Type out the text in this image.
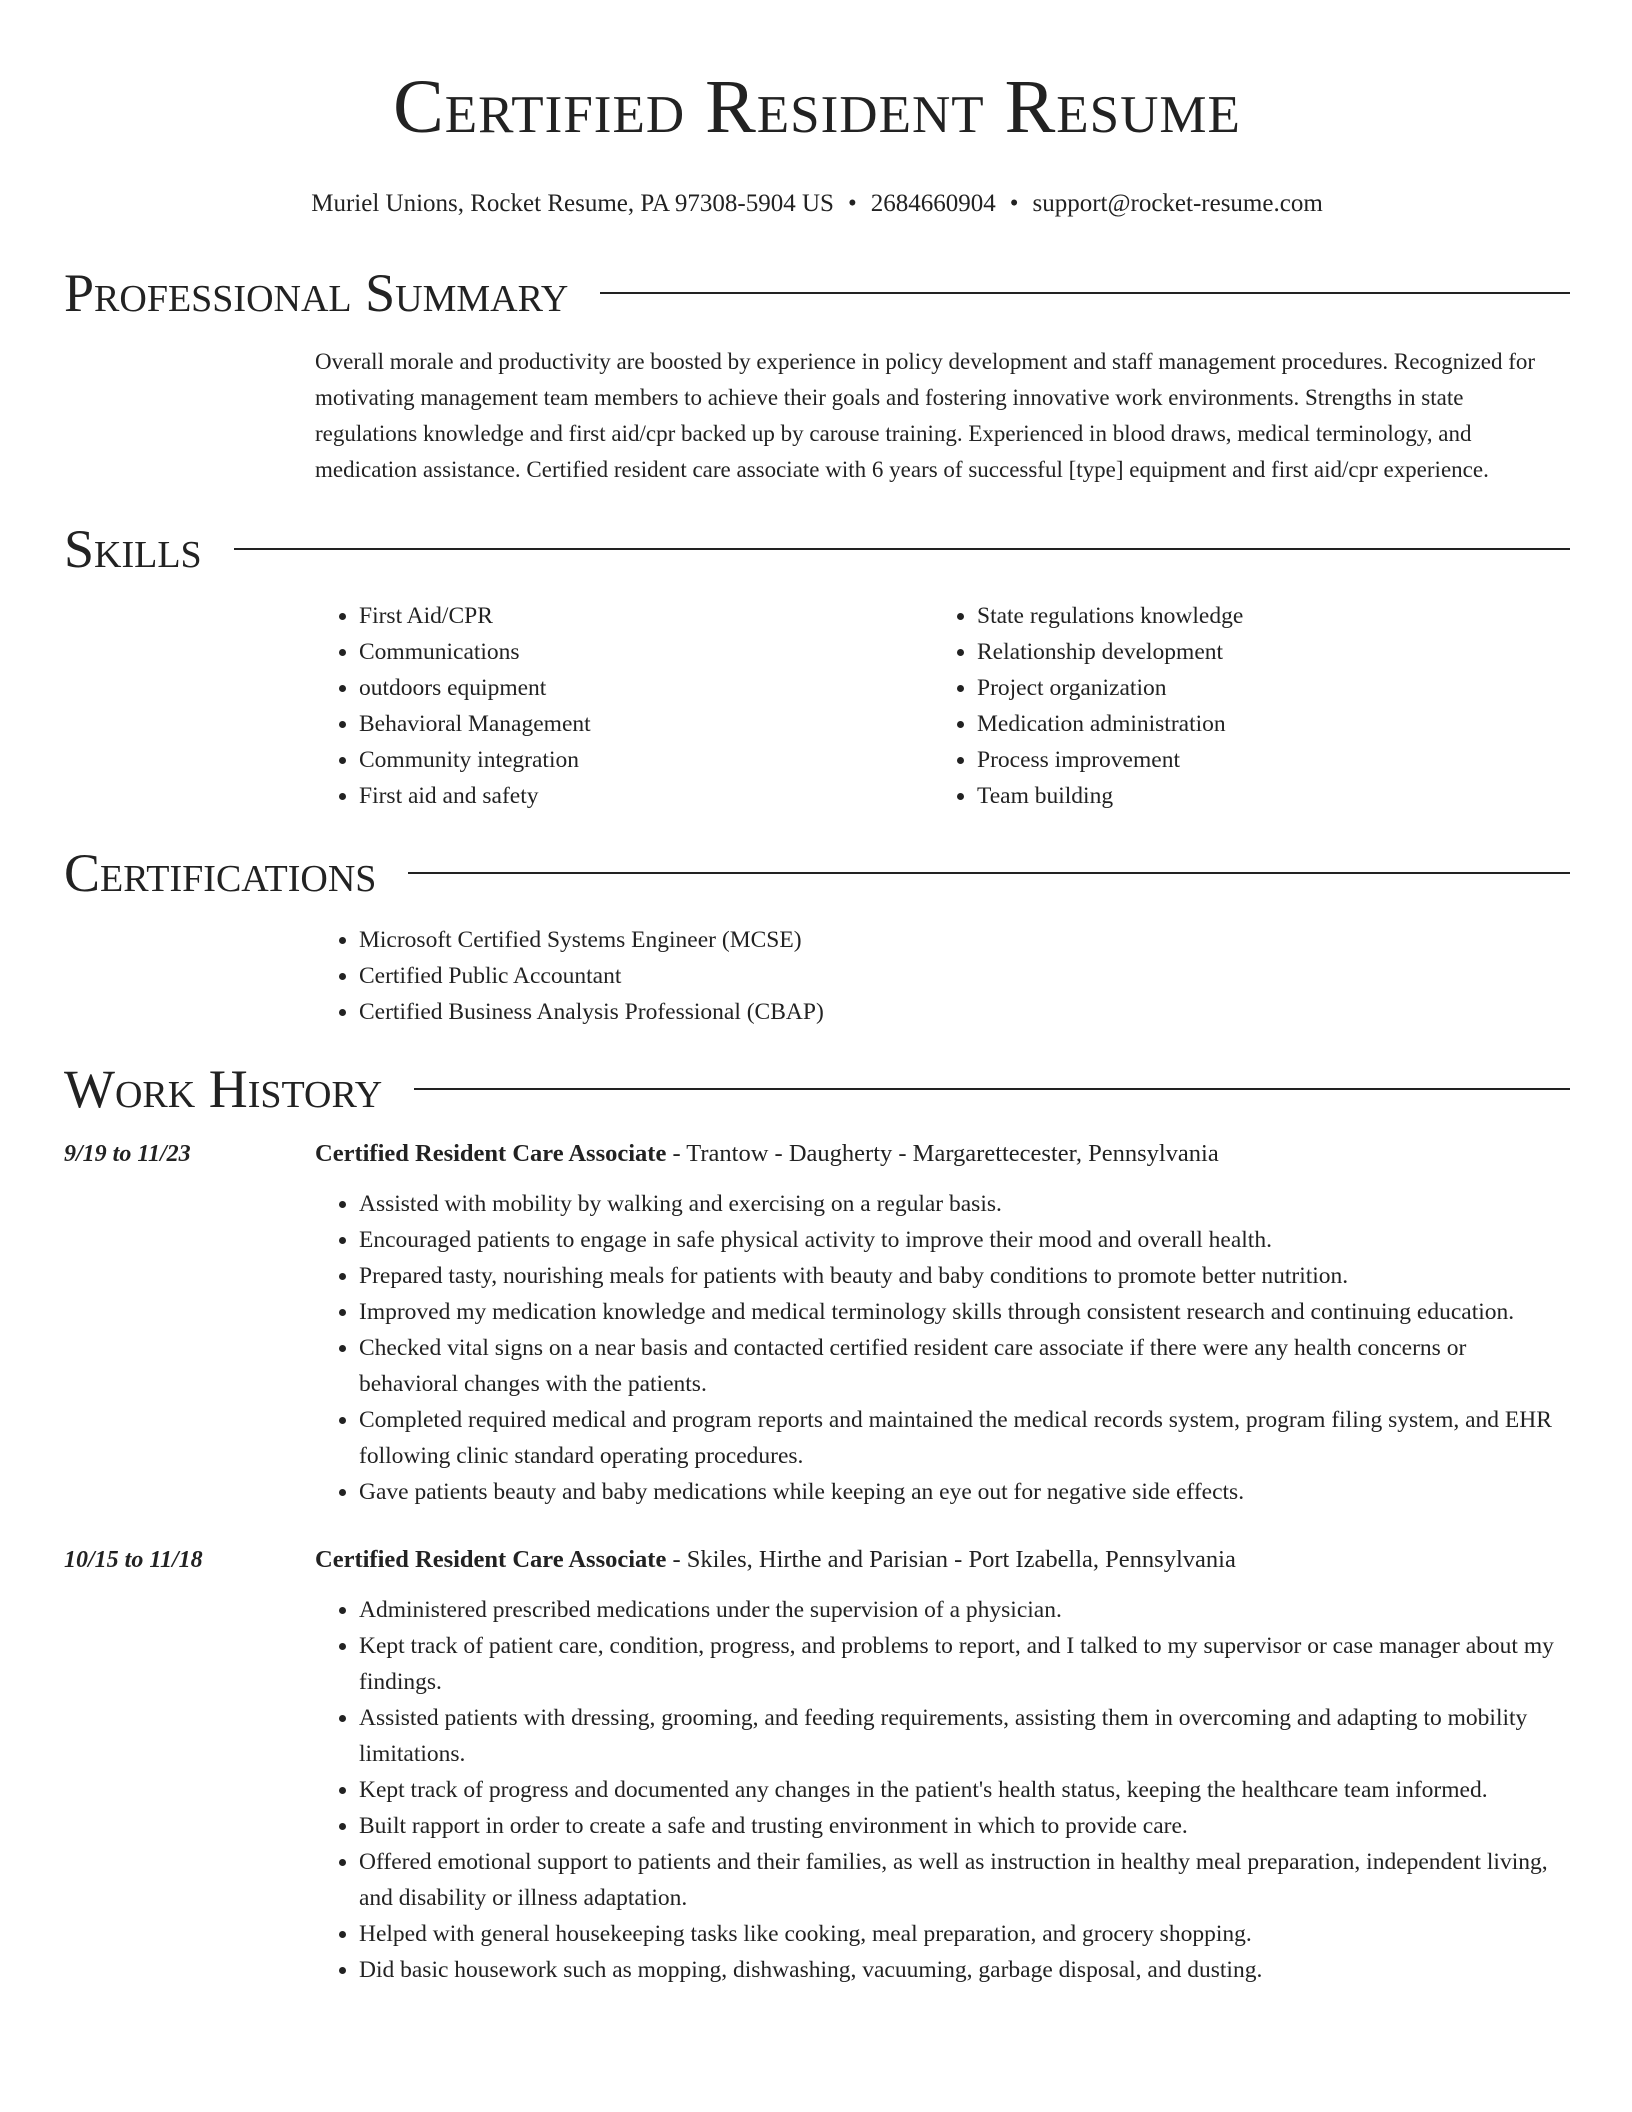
Certified Resident Resume
Muriel Unions, Rocket Resume, PA 97308-5904 US • 2684660904 • support@rocket-resume.com
Professional Summary

Overall morale and productivity are boosted by experience in policy development and staff management procedures. Recognized for motivating management team members to achieve their goals and fostering innovative work environments. Strengths in state regulations knowledge and first aid/cpr backed up by carouse training. Experienced in blood draws, medical terminology, and medication assistance. Certified resident care associate with 6 years of successful [type] equipment and first aid/cpr experience.

Skills
• First Aid/CPR
• Communications
• outdoors equipment
• Behavioral Management
• Community integration
• First aid and safety
• State regulations knowledge
• Relationship development
• Project organization
• Medication administration
• Process improvement
• Team building
Certifications
• Microsoft Certified Systems Engineer (MCSE)
• Certified Public Accountant
• Certified Business Analysis Professional (CBAP)
Work History
9/19 to 11/23	Certified Resident Care Associate - Trantow - Daugherty - Margarettecester, Pennsylvania

• Assisted with mobility by walking and exercising on a regular basis.
• Encouraged patients to engage in safe physical activity to improve their mood and overall health.
• Prepared tasty, nourishing meals for patients with beauty and baby conditions to promote better nutrition.
• Improved my medication knowledge and medical terminology skills through consistent research and continuing education.
• Checked vital signs on a near basis and contacted certified resident care associate if there were any health concerns or behavioral changes with the patients.
• Completed required medical and program reports and maintained the medical records system, program filing system, and EHR following clinic standard operating procedures.
• Gave patients beauty and baby medications while keeping an eye out for negative side effects.
10/15 to 11/18	Certified Resident Care Associate - Skiles, Hirthe and Parisian - Port Izabella, Pennsylvania

• Administered prescribed medications under the supervision of a physician.
• Kept track of patient care, condition, progress, and problems to report, and I talked to my supervisor or case manager about my findings.
• Assisted patients with dressing, grooming, and feeding requirements, assisting them in overcoming and adapting to mobility limitations.
• Kept track of progress and documented any changes in the patient's health status, keeping the healthcare team informed.
• Built rapport in order to create a safe and trusting environment in which to provide care.
• Offered emotional support to patients and their families, as well as instruction in healthy meal preparation, independent living, and disability or illness adaptation.
• Helped with general housekeeping tasks like cooking, meal preparation, and grocery shopping.
• Did basic housework such as mopping, dishwashing, vacuuming, garbage disposal, and dusting.
